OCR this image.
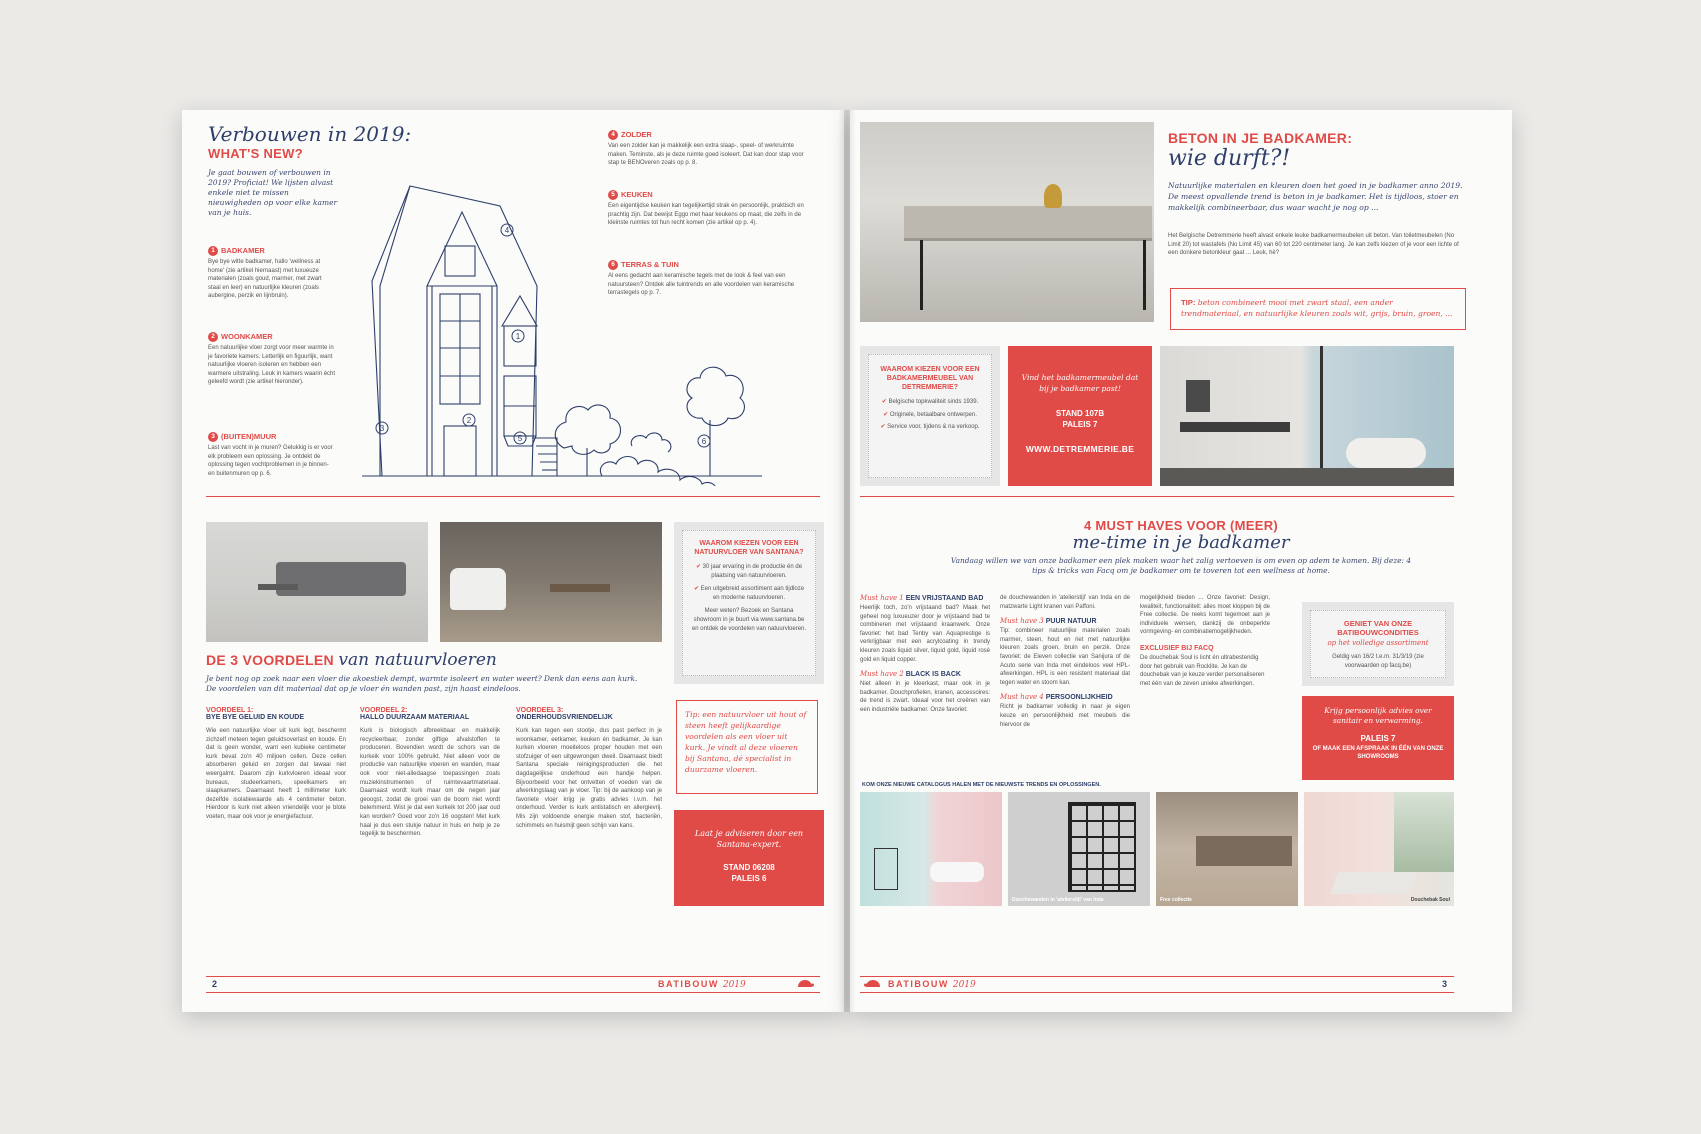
Verbouwen in 2019:
WHAT'S NEW?
Je gaat bouwen of verbouwen in 2019? Proficiat! We lijsten alvast enkele niet te missen nieuwigheden op voor elke kamer van je huis.
1 BADKAMER
Bye bye witte badkamer, hallo 'wellness at home' (zie artikel hiernaast) met luxueuze materialen (zoals goud, marmer, met zwart staal en leer) en natuurlijke kleuren (zoals aubergine, perzik en lijnbruin).
2 WOONKAMER
Een natuurlijke vloer zorgt voor meer warmte in je favoriete kamers. Letterlijk en figuurlijk, want natuurlijke vloeren isoleren en hebben een warmere uitstraling. Leuk in kamers waarin écht geleefd wordt (zie artikel hieronder).
3 (BUITEN)MUUR
Last van vocht in je muren? Gelukkig is er voor elk probleem een oplossing. Je ontdekt de oplossing tegen vochtproblemen in je binnen- en buitenmuren op p. 6.
4 ZOLDER
Van een zolder kan je makkelijk een extra slaap-, speel- of werkruimte maken. Teminste, als je deze ruimte goed isoleert. Dat kan door stap voor stap te BENOveren zoals op p. 8.
5 KEUKEN
Een eigentijdse keuken kan tegelijkertijd strak en persoonlijk, praktisch en prachtig zijn. Dat bewijst Eggo met haar keukens op maat, die zelfs in de kleinste ruimtes tot hun recht komen (zie artikel op p. 4).
6 TERRAS & TUIN
Al eens gedacht aan keramische tegels met de look & feel van een natuursteen? Ontdek alle tuintrends en alle voordelen van keramische terrastegels op p. 7.
4
1
2
3
5	6
WAAROM KIEZEN VOOR EEN NATUURVLOER VAN SANTANA?
✔ 30 jaar ervaring in de productie én de plaatsing van natuurvloeren.
✔ Een uitgebreid assortiment aan tijdloze en moderne natuurvloeren.
Meer weten? Bezoek en Santana showroom in je buurt via www.santana.be en ontdek de voordelen van natuurvloeren.
DE 3 VOORDELEN van natuurvloeren
Je bent nog op zoek naar een vloer die akoestiek dempt, warmte isoleert en water weert? Denk dan eens aan kurk. De voordelen van dit materiaal dat op je vloer én wanden past, zijn haast eindeloos.
VOORDEEL 1:
BYE BYE GELUID EN KOUDE
Wie een natuurlijke vloer uit kurk legt, beschermt zichzelf meteen tegen geluidsoverlast en koude. En dat is geen wonder, want een kubieke centimeter kurk bevat zo'n 40 miljoen cellen. Deze cellen absorberen geluid en zorgen dat lawaai niet weergalmt. Daarom zijn kurkvloeren ideaal voor bureaus, studeerkamers, speelkamers en slaapkamers. Daarnaast heeft 1 millimeter kurk dezelfde isolatiewaarde als 4 centimeter beton. Hierdoor is kurk niet alleen vriendelijk voor je blote voeten, maar ook voor je energiefactuur.
VOORDEEL 2:
HALLO DUURZAAM MATERIAAL
Kurk is biologisch afbreekbaar en makkelijk recycleerbaar, zonder giftige afvalstoffen te produceren. Bovendien wordt de schors van de kurkeik voor 100% gebruikt. Niet alleen voor de productie van natuurlijke vloeren en wanden, maar ook voor niet-alledaagse toepassingen zoals muziekinstrumenten of ruimtevaartmateriaal. Daarnaast wordt kurk maar om de negen jaar geoogst, zodat de groei van de boom niet wordt belemmerd. Wist je dat een kurkeik tot 200 jaar oud kan worden? Goed voor zo'n 16 oogsten! Met kurk haal je dus een stukje natuur in huis en help je ze tegelijk te beschermen.
VOORDEEL 3:
ONDERHOUDSVRIENDELIJK
Kurk kan tegen een stootje, dus past perfect in je woonkamer, eetkamer, keuken én badkamer. Je kan kurken vloeren moeiteloos proper houden met een stofzuiger of een uitgewrongen dweil. Daarnaast biedt Santana speciale reinigingsproducten die het dagdagelijkse onderhoud een handje helpen. Bijvoorbeeld voor het ontvetten of voeden van de afwerkingslaag van je vloer. Tip: bij de aankoop van je favoriete vloer krijg je gratis advies i.v.m. het onderhoud. Verder is kurk antistatisch en allergievrij. Mis zijn voldoende energie maken stof, bacteriën, schimmels en huismijt geen schijn van kans.
Tip: een natuurvloer uit hout of steen heeft gelijkaardige voordelen als een vloer uit kurk. Je vindt al deze vloeren bij Santana, dé specialist in duurzame vloeren.
Laat je adviseren door een Santana-expert.
STAND 06208
PALEIS 6
2	BATIBOUW 2019
BETON IN JE BADKAMER:
wie durft?!
Natuurlijke materialen en kleuren doen het goed in je badkamer anno 2019. De meest opvallende trend is beton in je badkamer. Het is tijdloos, stoer en makkelijk combineerbaar, dus waar wacht je nog op ...
Het Belgische Detremmerie heeft alvast enkele leuke badkamermeubelen uit beton. Van toiletmeubelen (No Limit 20) tot wastafels (No Limit 45) van 60 tot 220 centimeter lang. Je kan zelfs kiezen of je voor een lichte of een donkere betonkleur gaat ... Leuk, hè?
TIP: beton combineert mooi met zwart staal, een ander trendmateriaal, en natuurlijke kleuren zoals wit, grijs, bruin, groen, ...
WAAROM KIEZEN VOOR EEN BADKAMERMEUBEL VAN DETREMMERIE?
✔ Belgische topkwaliteit sinds 1939.
✔ Originele, betaalbare ontwerpen.
✔ Service voor, tijdens & na verkoop.
Vind het badkamermeubel dat bij je badkamer past!
STAND 107B
PALEIS 7
WWW.DETREMMERIE.BE
4 MUST HAVES VOOR (MEER)
me-time in je badkamer
Vandaag willen we van onze badkamer een plek maken waar het zalig vertoeven is om even op adem te komen. Bij deze: 4 tips & tricks van Facq om je badkamer om te toveren tot een wellness at home.
Must have 1 EEN VRIJSTAAND BAD
Heerlijk toch, zo'n vrijstaand bad? Maak het geheel nog luxueuzer door je vrijstaand bad te combineren met vrijstaand kraanwerk. Onze favoriet: het bad Tenby van Aquaprestige is verkrijgbaar met een acrylcoating in trendy kleuren zoals liquid silver, liquid gold, liquid rosé gold en liquid copper.
Must have 2 BLACK IS BACK
Niet alleen in je kleerkast, maar ook in je badkamer. Douchprofielen, kranen, accessoires: de trend is zwart. Ideaal voor het creëren van een industriële badkamer. Onze favoriet:
de douchewanden in 'atelierstijl' van Inda en de matzwarte Light kranen van Paffoni.
Must have 3 PUUR NATUUR
Tip: combineer natuurlijke materialen zoals marmer, steen, hout en riet met natuurlijke kleuren zoals groen, bruin en perzik. Onze favoriet: de Eleven collectie van Sanijura of de Acuto serie van Inda met eindeloos veel HPL-afwerkingen. HPL is een resistent materiaal dat tegen water en stoom kan.
Must have 4 PERSOONLIJKHEID
Richt je badkamer volledig in naar je eigen keuze en persoonlijkheid met meubels die hiervoor de
mogelijkheid bieden ... Onze favoriet: Design, kwaliteit, functionaliteit: alles moet kloppen bij de Free collectie. De reeks komt tegemoet aan je individuele wensen, dankzij de onbeperkte vormgeving- en combinatiemogelijkheden.
EXCLUSIEF BIJ FACQ
De douchebak Soul is licht én ultrabestendig door het gebruik van Rocklite. Je kan de douchebak van je keuze verder personaliseren met één van de zeven unieke afwerkingen.
GENIET VAN ONZE BATIBOUWCONDITIES
op het volledige assortiment
Geldig van 16/2 t.e.m. 31/3/19 (zie voorwaarden op facq.be)
Krijg persoonlijk advies over sanitair en verwarming.
PALEIS 7
OF MAAK EEN AFSPRAAK IN ÉÉN VAN ONZE SHOWROOMS
KOM ONZE NIEUWE CATALOGUS HALEN MET DE NIEUWSTE TRENDS EN OPLOSSINGEN.
Douchewanden in 'atelierstijl' van Inda	Free collectie	Douchebak Soul
BATIBOUW 2019	3
